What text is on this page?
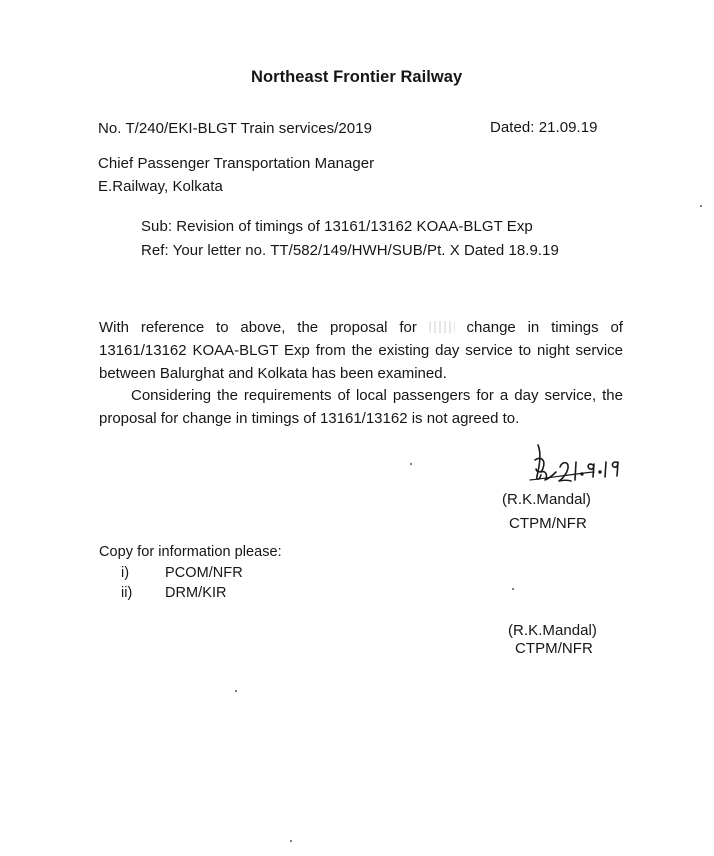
Northeast Frontier Railway
No. T/240/EKI-BLGT Train services/2019	Dated: 21.09.19
Chief Passenger Transportation Manager
E.Railway, Kolkata
Sub: Revision of timings of 13161/13162 KOAA-BLGT Exp
Ref: Your letter no. TT/582/149/HWH/SUB/Pt. X Dated 18.9.19
With reference to above, the proposal for	change in timings of 13161/13162 KOAA-BLGT Exp from the existing day service to night service between Balurghat and Kolkata has been examined.
Considering the requirements of local passengers for a day service, the proposal for change in timings of 13161/13162 is not agreed to.
(R.K.Mandal)
CTPM/NFR
Copy for information please:
i) PCOM/NFR
ii) DRM/KIR
(R.K.Mandal)
CTPM/NFR
